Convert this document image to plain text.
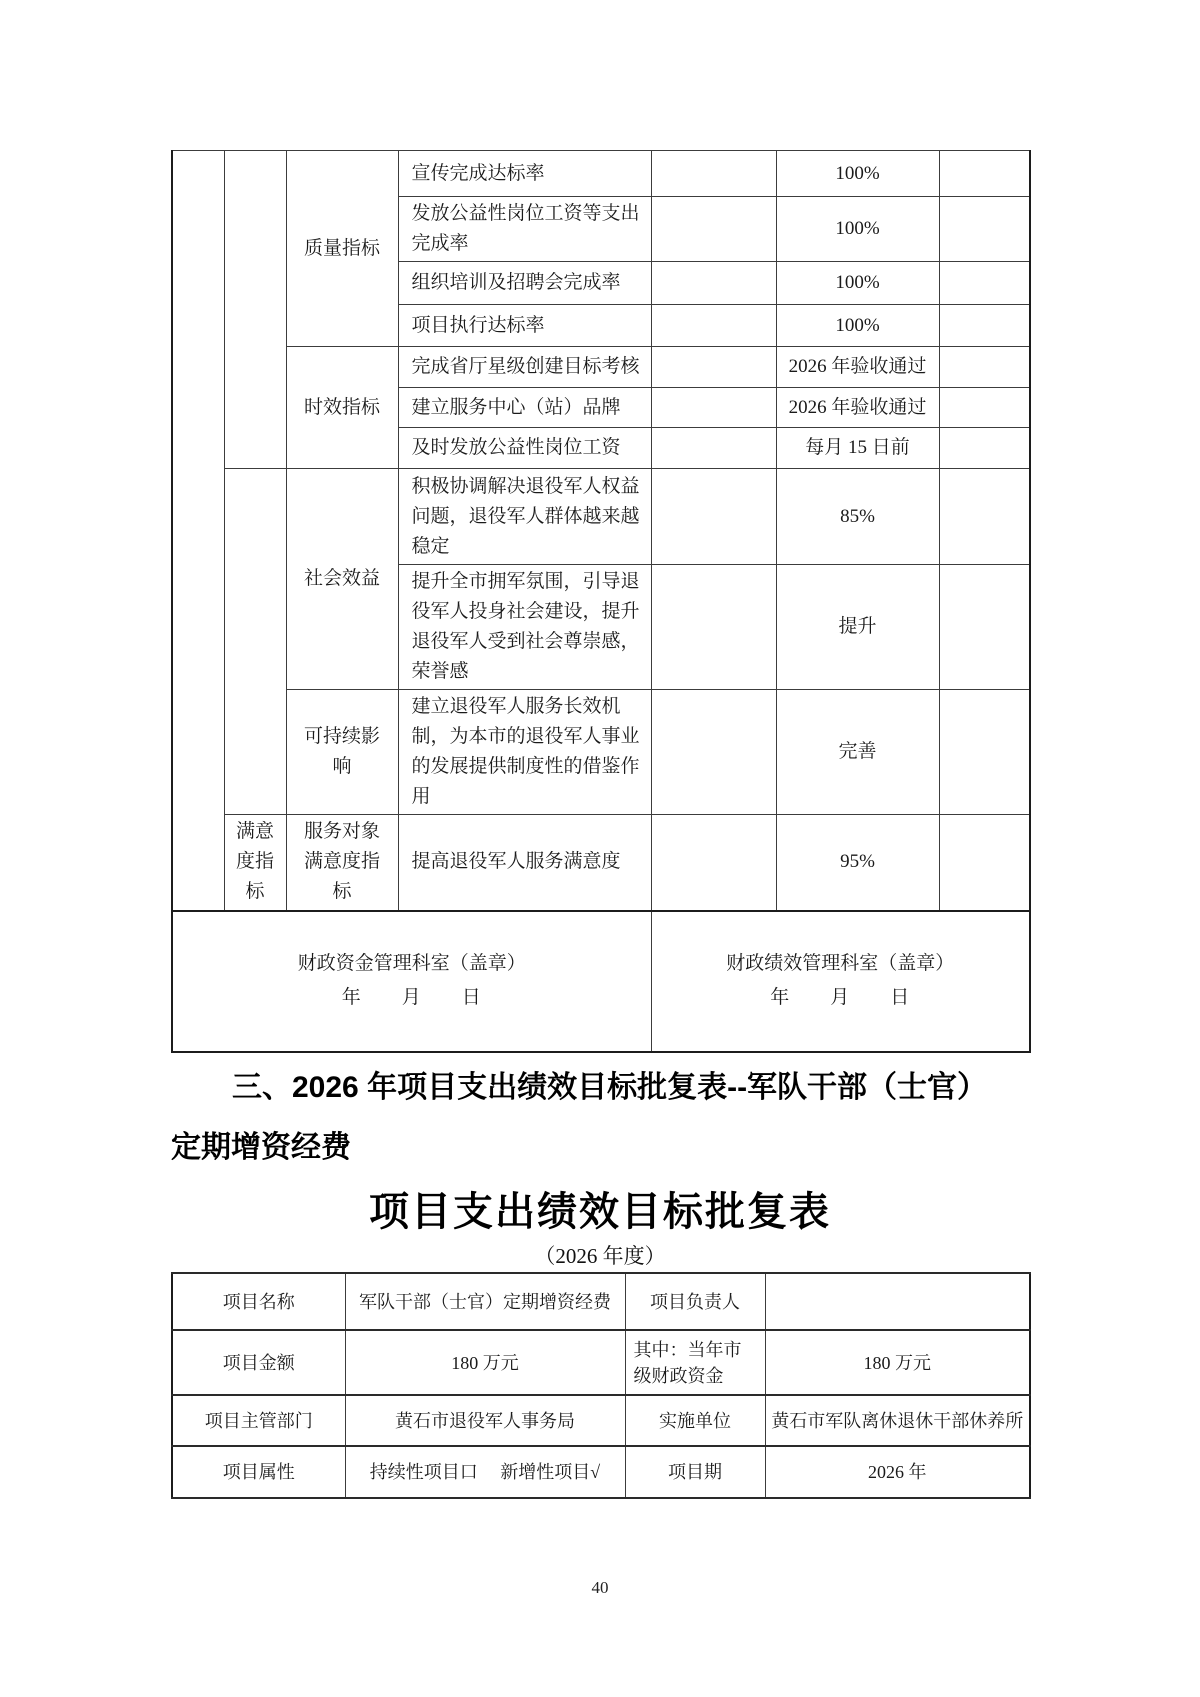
		质量指标	宣传完成达标率		100%	
			发放公益性岗位工资等支出完成率		100%	
			组织培训及招聘会完成率		100%	
			项目执行达标率		100%	
		时效指标	完成省厅星级创建目标考核		2026 年验收通过	
			建立服务中心（站）品牌		2026 年验收通过	
			及时发放公益性岗位工资		每月 15 日前	
		社会效益	积极协调解决退役军人权益问题，退役军人群体越来越稳定		85%	
			提升全市拥军氛围，引导退役军人投身社会建设，提升退役军人受到社会尊崇感，荣誉感		提升	
		可持续影响	建立退役军人服务长效机制，为本市的退役军人事业的发展提供制度性的借鉴作用		完善	
	满意度指标	服务对象满意度指标	提高退役军人服务满意度		95%	

财政资金管理科室（盖章）
年　　月　　日

财政绩效管理科室（盖章）
年　　月　　日
三、2026 年项目支出绩效目标批复表--军队干部（士官）
定期增资经费
项目支出绩效目标批复表
（2026 年度）
项目名称	军队干部（士官）定期增资经费	项目负责人	
项目金额	180 万元	其中：当年市级财政资金	180 万元
项目主管部门	黄石市退役军人事务局	实施单位	黄石市军队离休退休干部休养所
项目属性	持续性项目口　 新增性项目√	项目期	2026 年
40
